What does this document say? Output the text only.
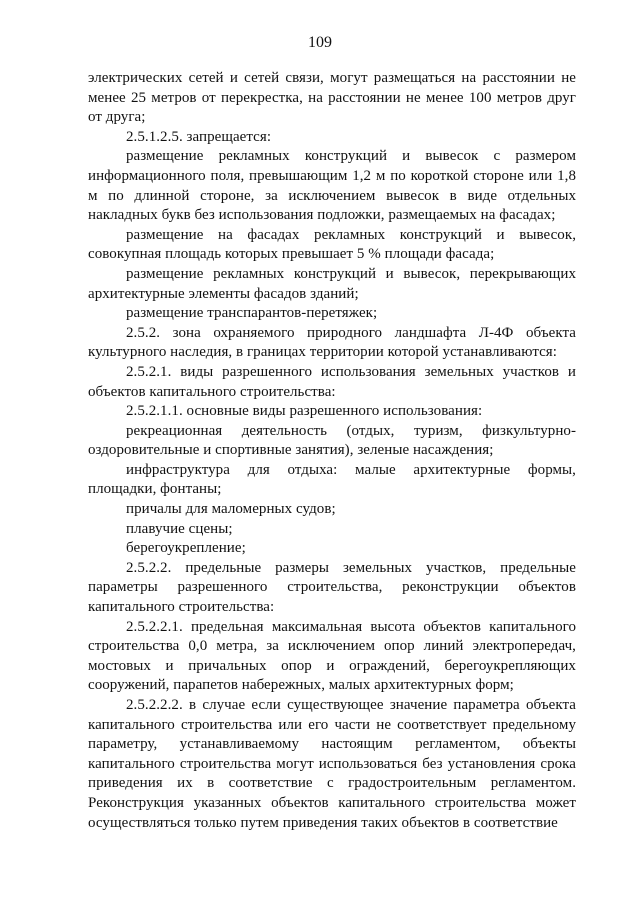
109

электрических сетей и сетей связи, могут размещаться на расстоянии не менее 25 метров от перекрестка, на расстоянии не менее 100 метров друг от друга;

2.5.1.2.5. запрещается:

размещение рекламных конструкций и вывесок с размером информационного поля, превышающим 1,2 м по короткой стороне или 1,8 м по длинной стороне, за исключением вывесок в виде отдельных накладных букв без использования подложки, размещаемых на фасадах;

размещение на фасадах рекламных конструкций и вывесок, совокупная площадь которых превышает 5 % площади фасада;

размещение рекламных конструкций и вывесок, перекрывающих архитектурные элементы фасадов зданий;

размещение транспарантов-перетяжек;

2.5.2. зона охраняемого природного ландшафта Л-4Ф объекта культурного наследия, в границах территории которой устанавливаются:

2.5.2.1. виды разрешенного использования земельных участков и объектов капитального строительства:

2.5.2.1.1. основные виды разрешенного использования:

рекреационная деятельность (отдых, туризм, физкультурно-оздоровительные и спортивные занятия), зеленые насаждения;

инфраструктура для отдыха: малые архитектурные формы, площадки, фонтаны;

причалы для маломерных судов;

плавучие сцены;

берегоукрепление;

2.5.2.2. предельные размеры земельных участков, предельные параметры разрешенного строительства, реконструкции объектов капитального строительства:

2.5.2.2.1. предельная максимальная высота объектов капитального строительства 0,0 метра, за исключением опор линий электропередач, мостовых и причальных опор и ограждений, берегоукрепляющих сооружений, парапетов набережных, малых архитектурных форм;

2.5.2.2.2. в случае если существующее значение параметра объекта капитального строительства или его части не соответствует предельному параметру, устанавливаемому настоящим регламентом, объекты капитального строительства могут использоваться без установления срока приведения их в соответствие с градостроительным регламентом. Реконструкция указанных объектов капитального строительства может осуществляться только путем приведения таких объектов в соответствие
